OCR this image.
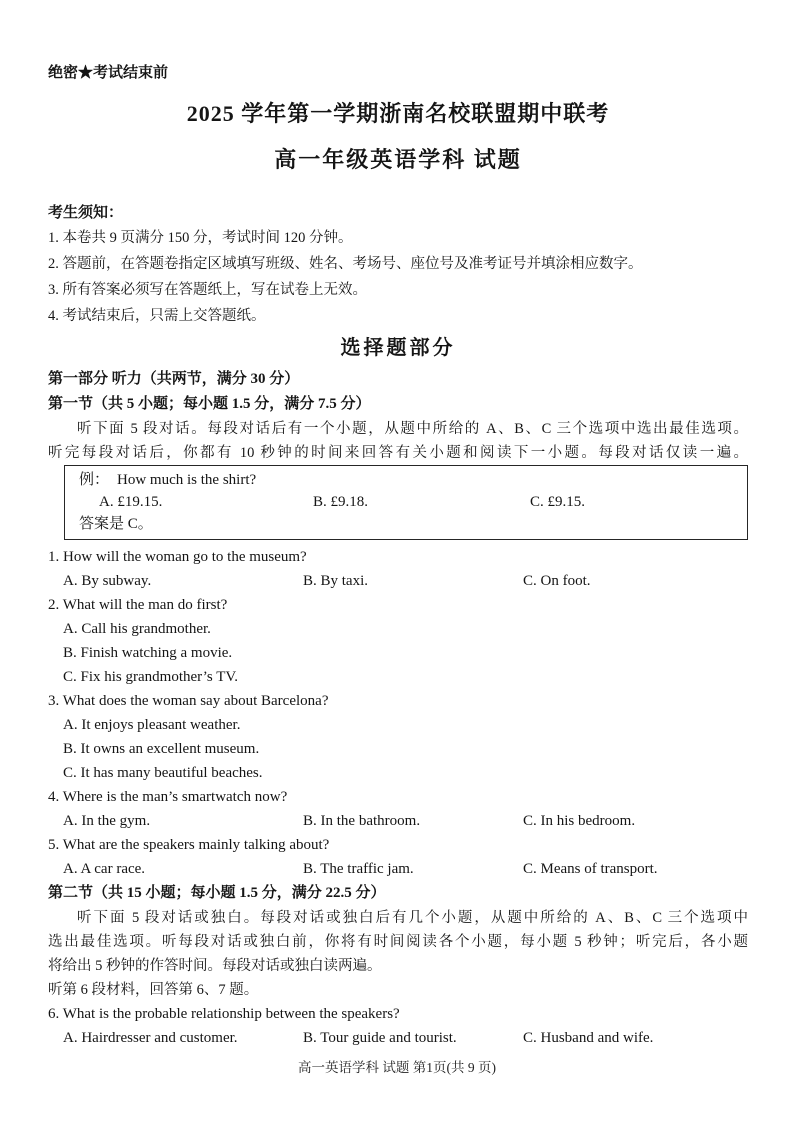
绝密★考试结束前
2025 学年第一学期浙南名校联盟期中联考
高一年级英语学科 试题
考生须知：
1. 本卷共 9 页满分 150 分，考试时间 120 分钟。
2. 答题前，在答题卷指定区域填写班级、姓名、考场号、座位号及准考证号并填涂相应数字。
3. 所有答案必须写在答题纸上，写在试卷上无效。
4. 考试结束后，只需上交答题纸。
选择题部分
第一部分 听力（共两节，满分 30 分）
第一节（共 5 小题；每小题 1.5 分，满分 7.5 分）

听下面 5 段对话。每段对话后有一个小题，从题中所给的 A、B、C 三个选项中选出最佳选项。

听完每段对话后，你都有 10 秒钟的时间来回答有关小题和阅读下一小题。每段对话仅读一遍。

例： How much is the shirt?
A. £19.15.	B. £9.18.	C. £9.15.
答案是 C。
1. How will the woman go to the museum?
A. By subway.	B. By taxi.	C. On foot.
2. What will the man do first?
A. Call his grandmother.
B. Finish watching a movie.
C. Fix his grandmother’s TV.
3. What does the woman say about Barcelona?
A. It enjoys pleasant weather.
B. It owns an excellent museum.
C. It has many beautiful beaches.
4. Where is the man’s smartwatch now?
A. In the gym.	B. In the bathroom.	C. In his bedroom.
5. What are the speakers mainly talking about?
A. A car race.	B. The traffic jam.	C. Means of transport.
第二节（共 15 小题；每小题 1.5 分，满分 22.5 分）

听下面 5 段对话或独白。每段对话或独白后有几个小题，从题中所给的 A、B、C 三个选项中

选出最佳选项。听每段对话或独白前，你将有时间阅读各个小题，每小题 5 秒钟；听完后，各小题

将给出 5 秒钟的作答时间。每段对话或独白读两遍。

听第 6 段材料，回答第 6、7 题。
6. What is the probable relationship between the speakers?
A. Hairdresser and customer.	B. Tour guide and tourist.	C. Husband and wife.
高一英语学科 试题 第1页(共 9 页)
